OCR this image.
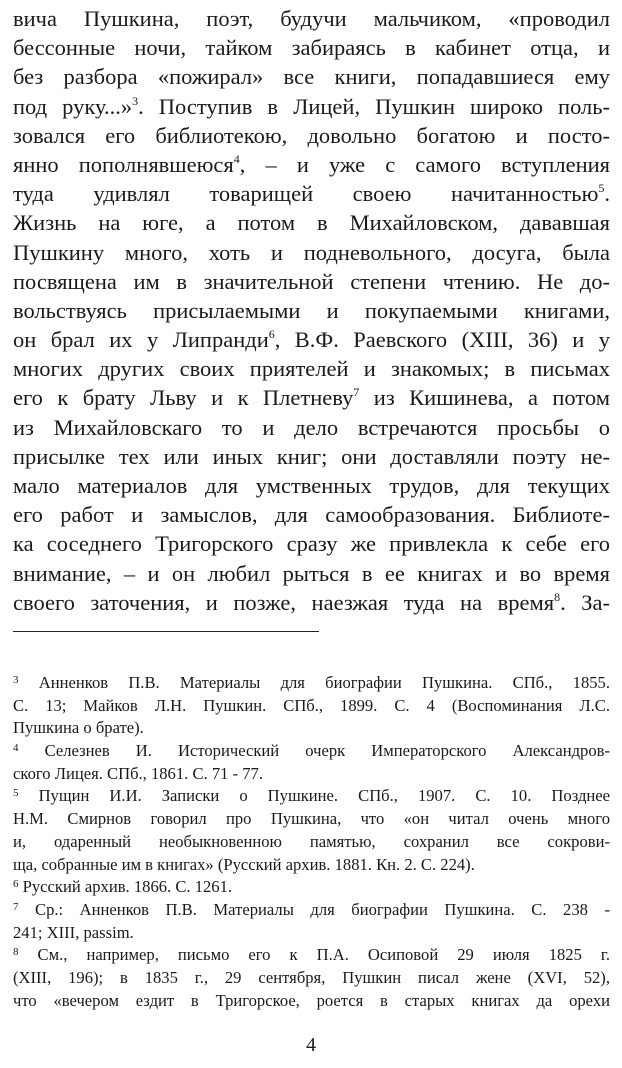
вича Пушкина, поэт, будучи мальчиком, «проводил
бессонные ночи, тайком забираясь в кабинет отца, и
без разбора «пожирал» все книги, попадавшиеся ему
под руку...»$^3$. Поступив в Лицей, Пушкин широко поль-
зовался его библиотекою, довольно богатою и посто-
янно пополнявшеюся$^4$, – и уже с самого вступления
туда удивлял товарищей своею начитанностью$^5$.
Жизнь на юге, а потом в Михайловском, дававшая
Пушкину много, хоть и подневольного, досуга, была
посвящена им в значительной степени чтению. Не до-
вольствуясь присылаемыми и покупаемыми книгами,
он брал их у Липранди$^6$, В.Ф. Раевского (XIII, 36) и у
многих других своих приятелей и знакомых; в письмах
его к брату Льву и к Плетневу$^7$ из Кишинева, а потом
из Михайловскаго то и дело встречаются просьбы о
присылке тех или иных книг; они доставляли поэту не-
мало материалов для умственных трудов, для текущих
его работ и замыслов, для самообразования. Библиоте-
ка соседнего Тригорского сразу же привлекла к себе его
внимание, – и он любил рыться в ее книгах и во время
своего заточения, и позже, наезжая туда на время$^8$. За-
$^3$ Анненков П.В. Материалы для биографии Пушкина. СПб., 1855.
С. 13; Майков Л.Н. Пушкин. СПб., 1899. С. 4 (Воспоминания Л.С.
Пушкина о брате).
$^4$ Селезнев И. Исторический очерк Императорского Александров-
ского Лицея. СПб., 1861. С. 71 - 77.
$^5$ Пущин И.И. Записки о Пушкине. СПб., 1907. С. 10. Позднее
Н.М. Смирнов говорил про Пушкина, что «он читал очень много
и, одаренный необыкновенною памятью, сохранил все сокрови-
ща, собранные им в книгах» (Русский архив. 1881. Кн. 2. С. 224).
$^6$ Русский архив. 1866. С. 1261.
$^7$ Ср.: Анненков П.В. Материалы для биографии Пушкина. С. 238 -
241; XIII, passim.
$^8$ См., например, письмо его к П.А. Осиповой 29 июля 1825 г.
(XIII, 196); в 1835 г., 29 сентября, Пушкин писал жене (XVI, 52),
что «вечером ездит в Тригорское, роется в старых книгах да орехи
4
